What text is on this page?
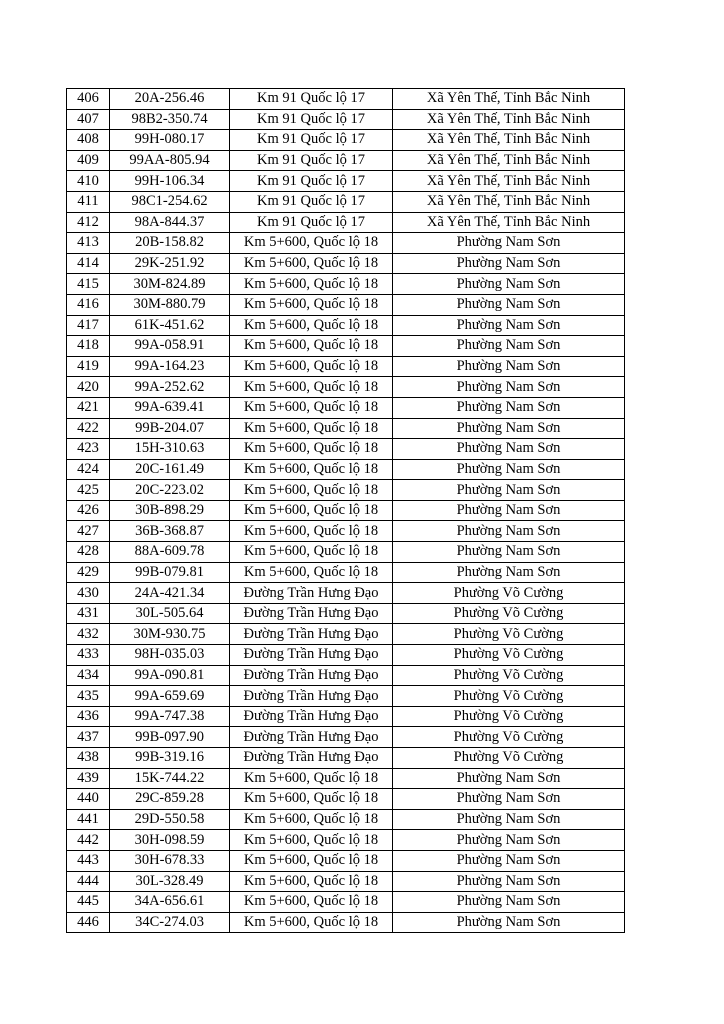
406	20A-256.46	Km 91 Quốc lộ 17	Xã Yên Thế, Tỉnh Bắc Ninh
407	98B2-350.74	Km 91 Quốc lộ 17	Xã Yên Thế, Tỉnh Bắc Ninh
408	99H-080.17	Km 91 Quốc lộ 17	Xã Yên Thế, Tỉnh Bắc Ninh
409	99AA-805.94	Km 91 Quốc lộ 17	Xã Yên Thế, Tỉnh Bắc Ninh
410	99H-106.34	Km 91 Quốc lộ 17	Xã Yên Thế, Tỉnh Bắc Ninh
411	98C1-254.62	Km 91 Quốc lộ 17	Xã Yên Thế, Tỉnh Bắc Ninh
412	98A-844.37	Km 91 Quốc lộ 17	Xã Yên Thế, Tỉnh Bắc Ninh
413	20B-158.82	Km 5+600, Quốc lộ 18	Phường Nam Sơn
414	29K-251.92	Km 5+600, Quốc lộ 18	Phường Nam Sơn
415	30M-824.89	Km 5+600, Quốc lộ 18	Phường Nam Sơn
416	30M-880.79	Km 5+600, Quốc lộ 18	Phường Nam Sơn
417	61K-451.62	Km 5+600, Quốc lộ 18	Phường Nam Sơn
418	99A-058.91	Km 5+600, Quốc lộ 18	Phường Nam Sơn
419	99A-164.23	Km 5+600, Quốc lộ 18	Phường Nam Sơn
420	99A-252.62	Km 5+600, Quốc lộ 18	Phường Nam Sơn
421	99A-639.41	Km 5+600, Quốc lộ 18	Phường Nam Sơn
422	99B-204.07	Km 5+600, Quốc lộ 18	Phường Nam Sơn
423	15H-310.63	Km 5+600, Quốc lộ 18	Phường Nam Sơn
424	20C-161.49	Km 5+600, Quốc lộ 18	Phường Nam Sơn
425	20C-223.02	Km 5+600, Quốc lộ 18	Phường Nam Sơn
426	30B-898.29	Km 5+600, Quốc lộ 18	Phường Nam Sơn
427	36B-368.87	Km 5+600, Quốc lộ 18	Phường Nam Sơn
428	88A-609.78	Km 5+600, Quốc lộ 18	Phường Nam Sơn
429	99B-079.81	Km 5+600, Quốc lộ 18	Phường Nam Sơn
430	24A-421.34	Đường Trần Hưng Đạo	Phường Võ Cường
431	30L-505.64	Đường Trần Hưng Đạo	Phường Võ Cường
432	30M-930.75	Đường Trần Hưng Đạo	Phường Võ Cường
433	98H-035.03	Đường Trần Hưng Đạo	Phường Võ Cường
434	99A-090.81	Đường Trần Hưng Đạo	Phường Võ Cường
435	99A-659.69	Đường Trần Hưng Đạo	Phường Võ Cường
436	99A-747.38	Đường Trần Hưng Đạo	Phường Võ Cường
437	99B-097.90	Đường Trần Hưng Đạo	Phường Võ Cường
438	99B-319.16	Đường Trần Hưng Đạo	Phường Võ Cường
439	15K-744.22	Km 5+600, Quốc lộ 18	Phường Nam Sơn
440	29C-859.28	Km 5+600, Quốc lộ 18	Phường Nam Sơn
441	29D-550.58	Km 5+600, Quốc lộ 18	Phường Nam Sơn
442	30H-098.59	Km 5+600, Quốc lộ 18	Phường Nam Sơn
443	30H-678.33	Km 5+600, Quốc lộ 18	Phường Nam Sơn
444	30L-328.49	Km 5+600, Quốc lộ 18	Phường Nam Sơn
445	34A-656.61	Km 5+600, Quốc lộ 18	Phường Nam Sơn
446	34C-274.03	Km 5+600, Quốc lộ 18	Phường Nam Sơn
